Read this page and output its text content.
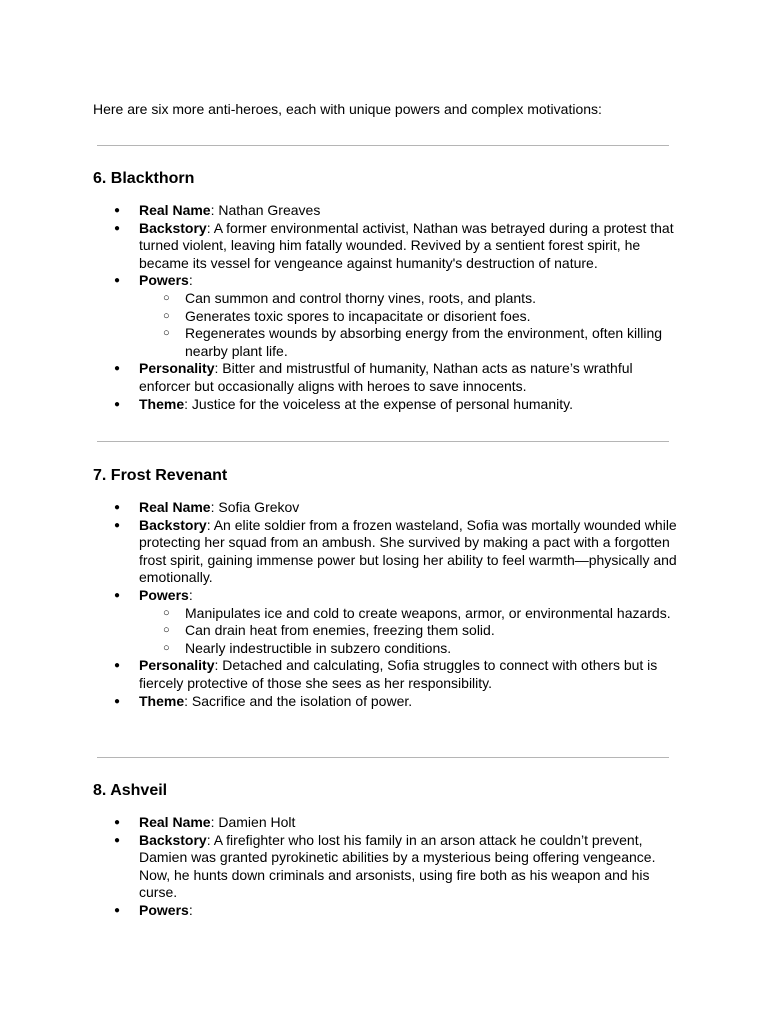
Here are six more anti-heroes, each with unique powers and complex motivations:
6. Blackthorn
● Real Name: Nathan Greaves
● Backstory: A former environmental activist, Nathan was betrayed during a protest that turned violent, leaving him fatally wounded. Revived by a sentient forest spirit, he became its vessel for vengeance against humanity's destruction of nature.
● Powers:
○ Can summon and control thorny vines, roots, and plants.
○ Generates toxic spores to incapacitate or disorient foes.
○ Regenerates wounds by absorbing energy from the environment, often killing nearby plant life.
● Personality: Bitter and mistrustful of humanity, Nathan acts as nature’s wrathful enforcer but occasionally aligns with heroes to save innocents.
● Theme: Justice for the voiceless at the expense of personal humanity.
7. Frost Revenant
● Real Name: Sofia Grekov
● Backstory: An elite soldier from a frozen wasteland, Sofia was mortally wounded while protecting her squad from an ambush. She survived by making a pact with a forgotten frost spirit, gaining immense power but losing her ability to feel warmth—physically and emotionally.
● Powers:
○ Manipulates ice and cold to create weapons, armor, or environmental hazards.
○ Can drain heat from enemies, freezing them solid.
○ Nearly indestructible in subzero conditions.
● Personality: Detached and calculating, Sofia struggles to connect with others but is fiercely protective of those she sees as her responsibility.
● Theme: Sacrifice and the isolation of power.
8. Ashveil
● Real Name: Damien Holt
● Backstory: A firefighter who lost his family in an arson attack he couldn’t prevent, Damien was granted pyrokinetic abilities by a mysterious being offering vengeance. Now, he hunts down criminals and arsonists, using fire both as his weapon and his curse.
● Powers:
